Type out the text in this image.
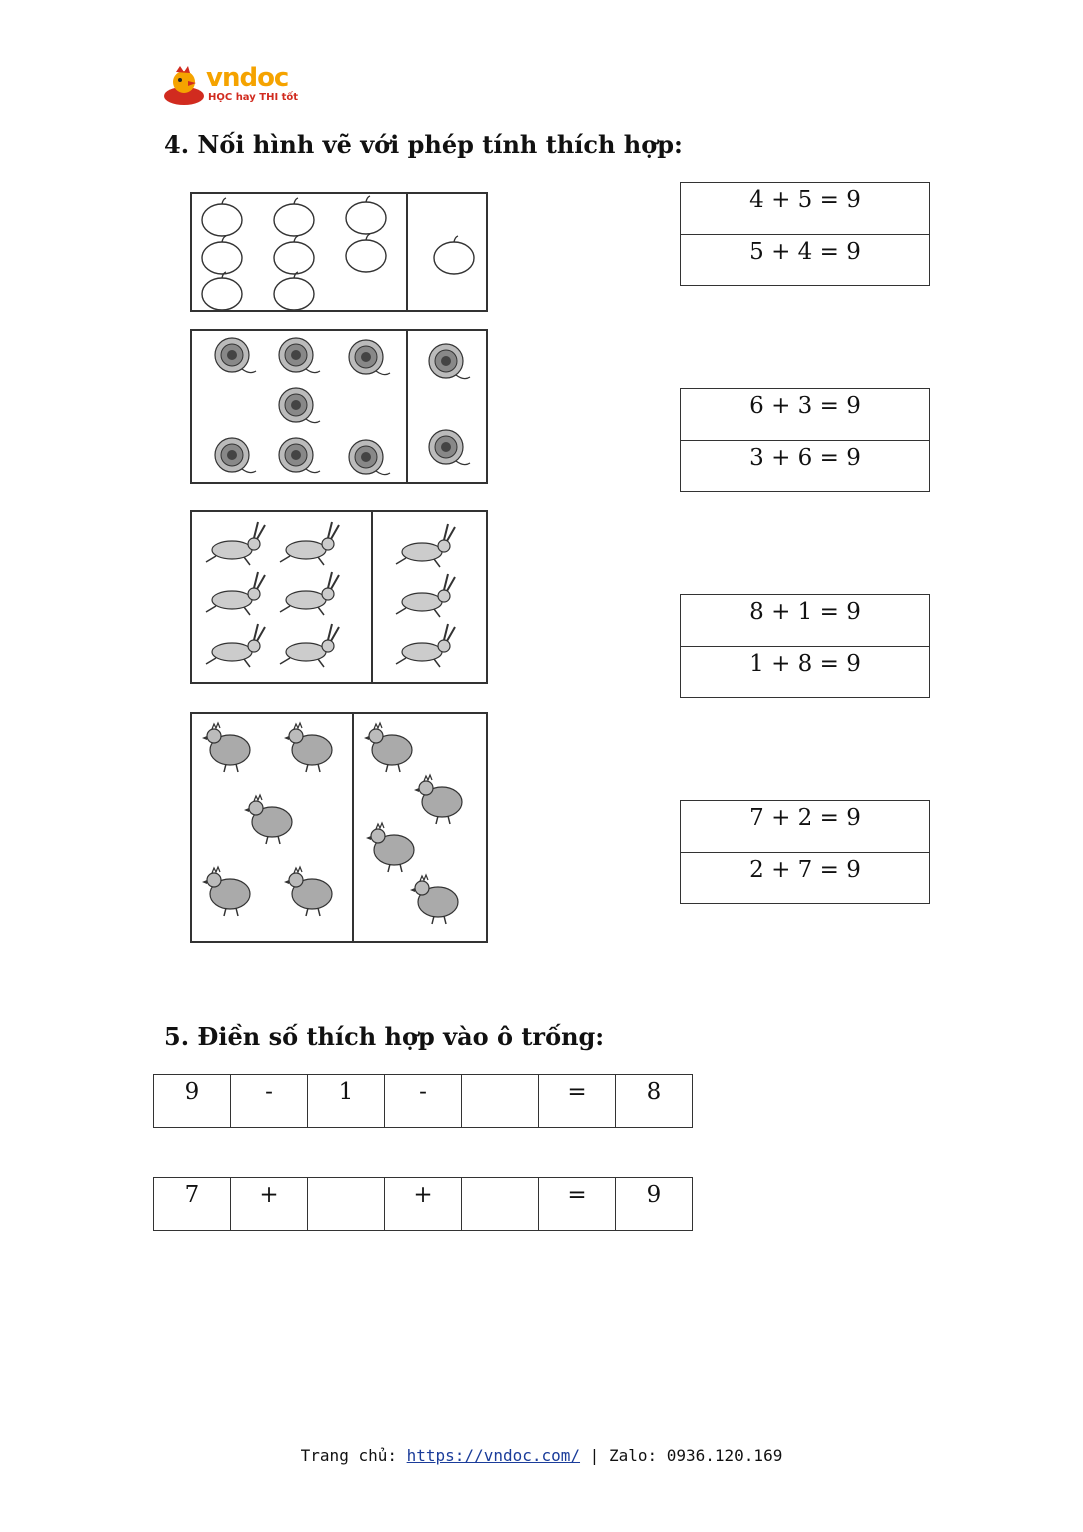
vndoc
HỌC hay THI tốt
4. Nối hình vẽ với phép tính thích hợp:
4 + 5 = 9
5 + 4 = 9
6 + 3 = 9
3 + 6 = 9
8 + 1 = 9
1 + 8 = 9
7 + 2 = 9
2 + 7 = 9
5. Điền số thích hợp vào ô trống:
9	-	1	-		=	8
7	+		+		=	9
Trang chủ: https://vndoc.com/ | Zalo: 0936.120.169
